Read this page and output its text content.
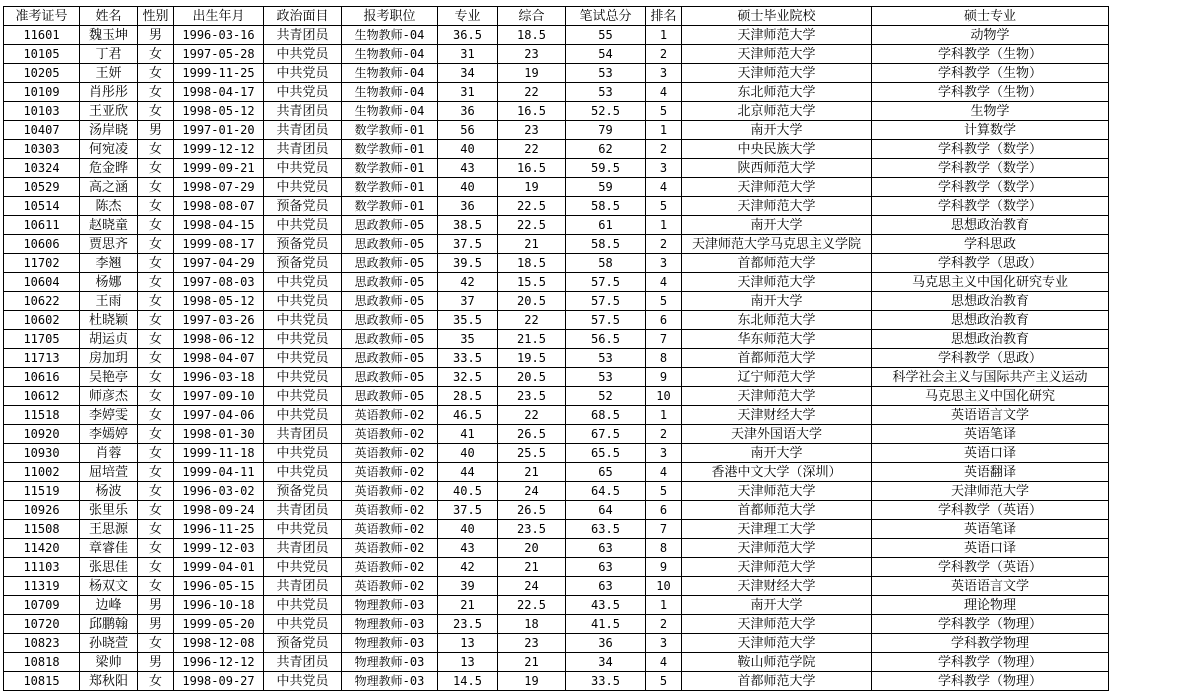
准考证号	姓名	性别	出生年月	政治面目	报考职位	专业	综合	笔试总分	排名	硕士毕业院校	硕士专业
11601	魏玉坤	男	1996-03-16	共青团员	生物教师-04	36.5	18.5	55	1	天津师范大学	动物学
10105	丁君	女	1997-05-28	中共党员	生物教师-04	31	23	54	2	天津师范大学	学科教学（生物）
10205	王妍	女	1999-11-25	中共党员	生物教师-04	34	19	53	3	天津师范大学	学科教学（生物）
10109	肖彤彤	女	1998-04-17	中共党员	生物教师-04	31	22	53	4	东北师范大学	学科教学（生物）
10103	王亚欣	女	1998-05-12	共青团员	生物教师-04	36	16.5	52.5	5	北京师范大学	生物学
10407	汤岸晓	男	1997-01-20	共青团员	数学教师-01	56	23	79	1	南开大学	计算数学
10303	何宛凌	女	1999-12-12	共青团员	数学教师-01	40	22	62	2	中央民族大学	学科教学（数学）
10324	危金晔	女	1999-09-21	中共党员	数学教师-01	43	16.5	59.5	3	陕西师范大学	学科教学（数学）
10529	高之涵	女	1998-07-29	中共党员	数学教师-01	40	19	59	4	天津师范大学	学科教学（数学）
10514	陈杰	女	1998-08-07	预备党员	数学教师-01	36	22.5	58.5	5	天津师范大学	学科教学（数学）
10611	赵晓童	女	1998-04-15	中共党员	思政教师-05	38.5	22.5	61	1	南开大学	思想政治教育
10606	贾思齐	女	1999-08-17	预备党员	思政教师-05	37.5	21	58.5	2	天津师范大学马克思主义学院	学科思政
11702	李翘	女	1997-04-29	预备党员	思政教师-05	39.5	18.5	58	3	首都师范大学	学科教学（思政）
10604	杨娜	女	1997-08-03	中共党员	思政教师-05	42	15.5	57.5	4	天津师范大学	马克思主义中国化研究专业
10622	王雨	女	1998-05-12	中共党员	思政教师-05	37	20.5	57.5	5	南开大学	思想政治教育
10602	杜晓颖	女	1997-03-26	中共党员	思政教师-05	35.5	22	57.5	6	东北师范大学	思想政治教育
11705	胡运贞	女	1998-06-12	中共党员	思政教师-05	35	21.5	56.5	7	华东师范大学	思想政治教育
11713	房加玥	女	1998-04-07	中共党员	思政教师-05	33.5	19.5	53	8	首都师范大学	学科教学（思政）
10616	吴艳亭	女	1996-03-18	中共党员	思政教师-05	32.5	20.5	53	9	辽宁师范大学	科学社会主义与国际共产主义运动
10612	师彦杰	女	1997-09-10	中共党员	思政教师-05	28.5	23.5	52	10	天津师范大学	马克思主义中国化研究
11518	李婷雯	女	1997-04-06	中共党员	英语教师-02	46.5	22	68.5	1	天津财经大学	英语语言文学
10920	李嫣婷	女	1998-01-30	共青团员	英语教师-02	41	26.5	67.5	2	天津外国语大学	英语笔译
10930	肖蓉	女	1999-11-18	中共党员	英语教师-02	40	25.5	65.5	3	南开大学	英语口译
11002	屈培萱	女	1999-04-11	中共党员	英语教师-02	44	21	65	4	香港中文大学（深圳）	英语翻译
11519	杨波	女	1996-03-02	预备党员	英语教师-02	40.5	24	64.5	5	天津师范大学	天津师范大学
10926	张里乐	女	1998-09-24	共青团员	英语教师-02	37.5	26.5	64	6	首都师范大学	学科教学（英语）
11508	王思源	女	1996-11-25	中共党员	英语教师-02	40	23.5	63.5	7	天津理工大学	英语笔译
11420	章睿佳	女	1999-12-03	共青团员	英语教师-02	43	20	63	8	天津师范大学	英语口译
11103	张思佳	女	1999-04-01	中共党员	英语教师-02	42	21	63	9	天津师范大学	学科教学（英语）
11319	杨双文	女	1996-05-15	共青团员	英语教师-02	39	24	63	10	天津财经大学	英语语言文学
10709	边峰	男	1996-10-18	中共党员	物理教师-03	21	22.5	43.5	1	南开大学	理论物理
10720	邱鹏翰	男	1999-05-20	中共党员	物理教师-03	23.5	18	41.5	2	天津师范大学	学科教学（物理）
10823	孙晓萱	女	1998-12-08	预备党员	物理教师-03	13	23	36	3	天津师范大学	学科教学物理
10818	梁帅	男	1996-12-12	共青团员	物理教师-03	13	21	34	4	鞍山师范学院	学科教学（物理）
10815	郑秋阳	女	1998-09-27	中共党员	物理教师-03	14.5	19	33.5	5	首都师范大学	学科教学（物理）
